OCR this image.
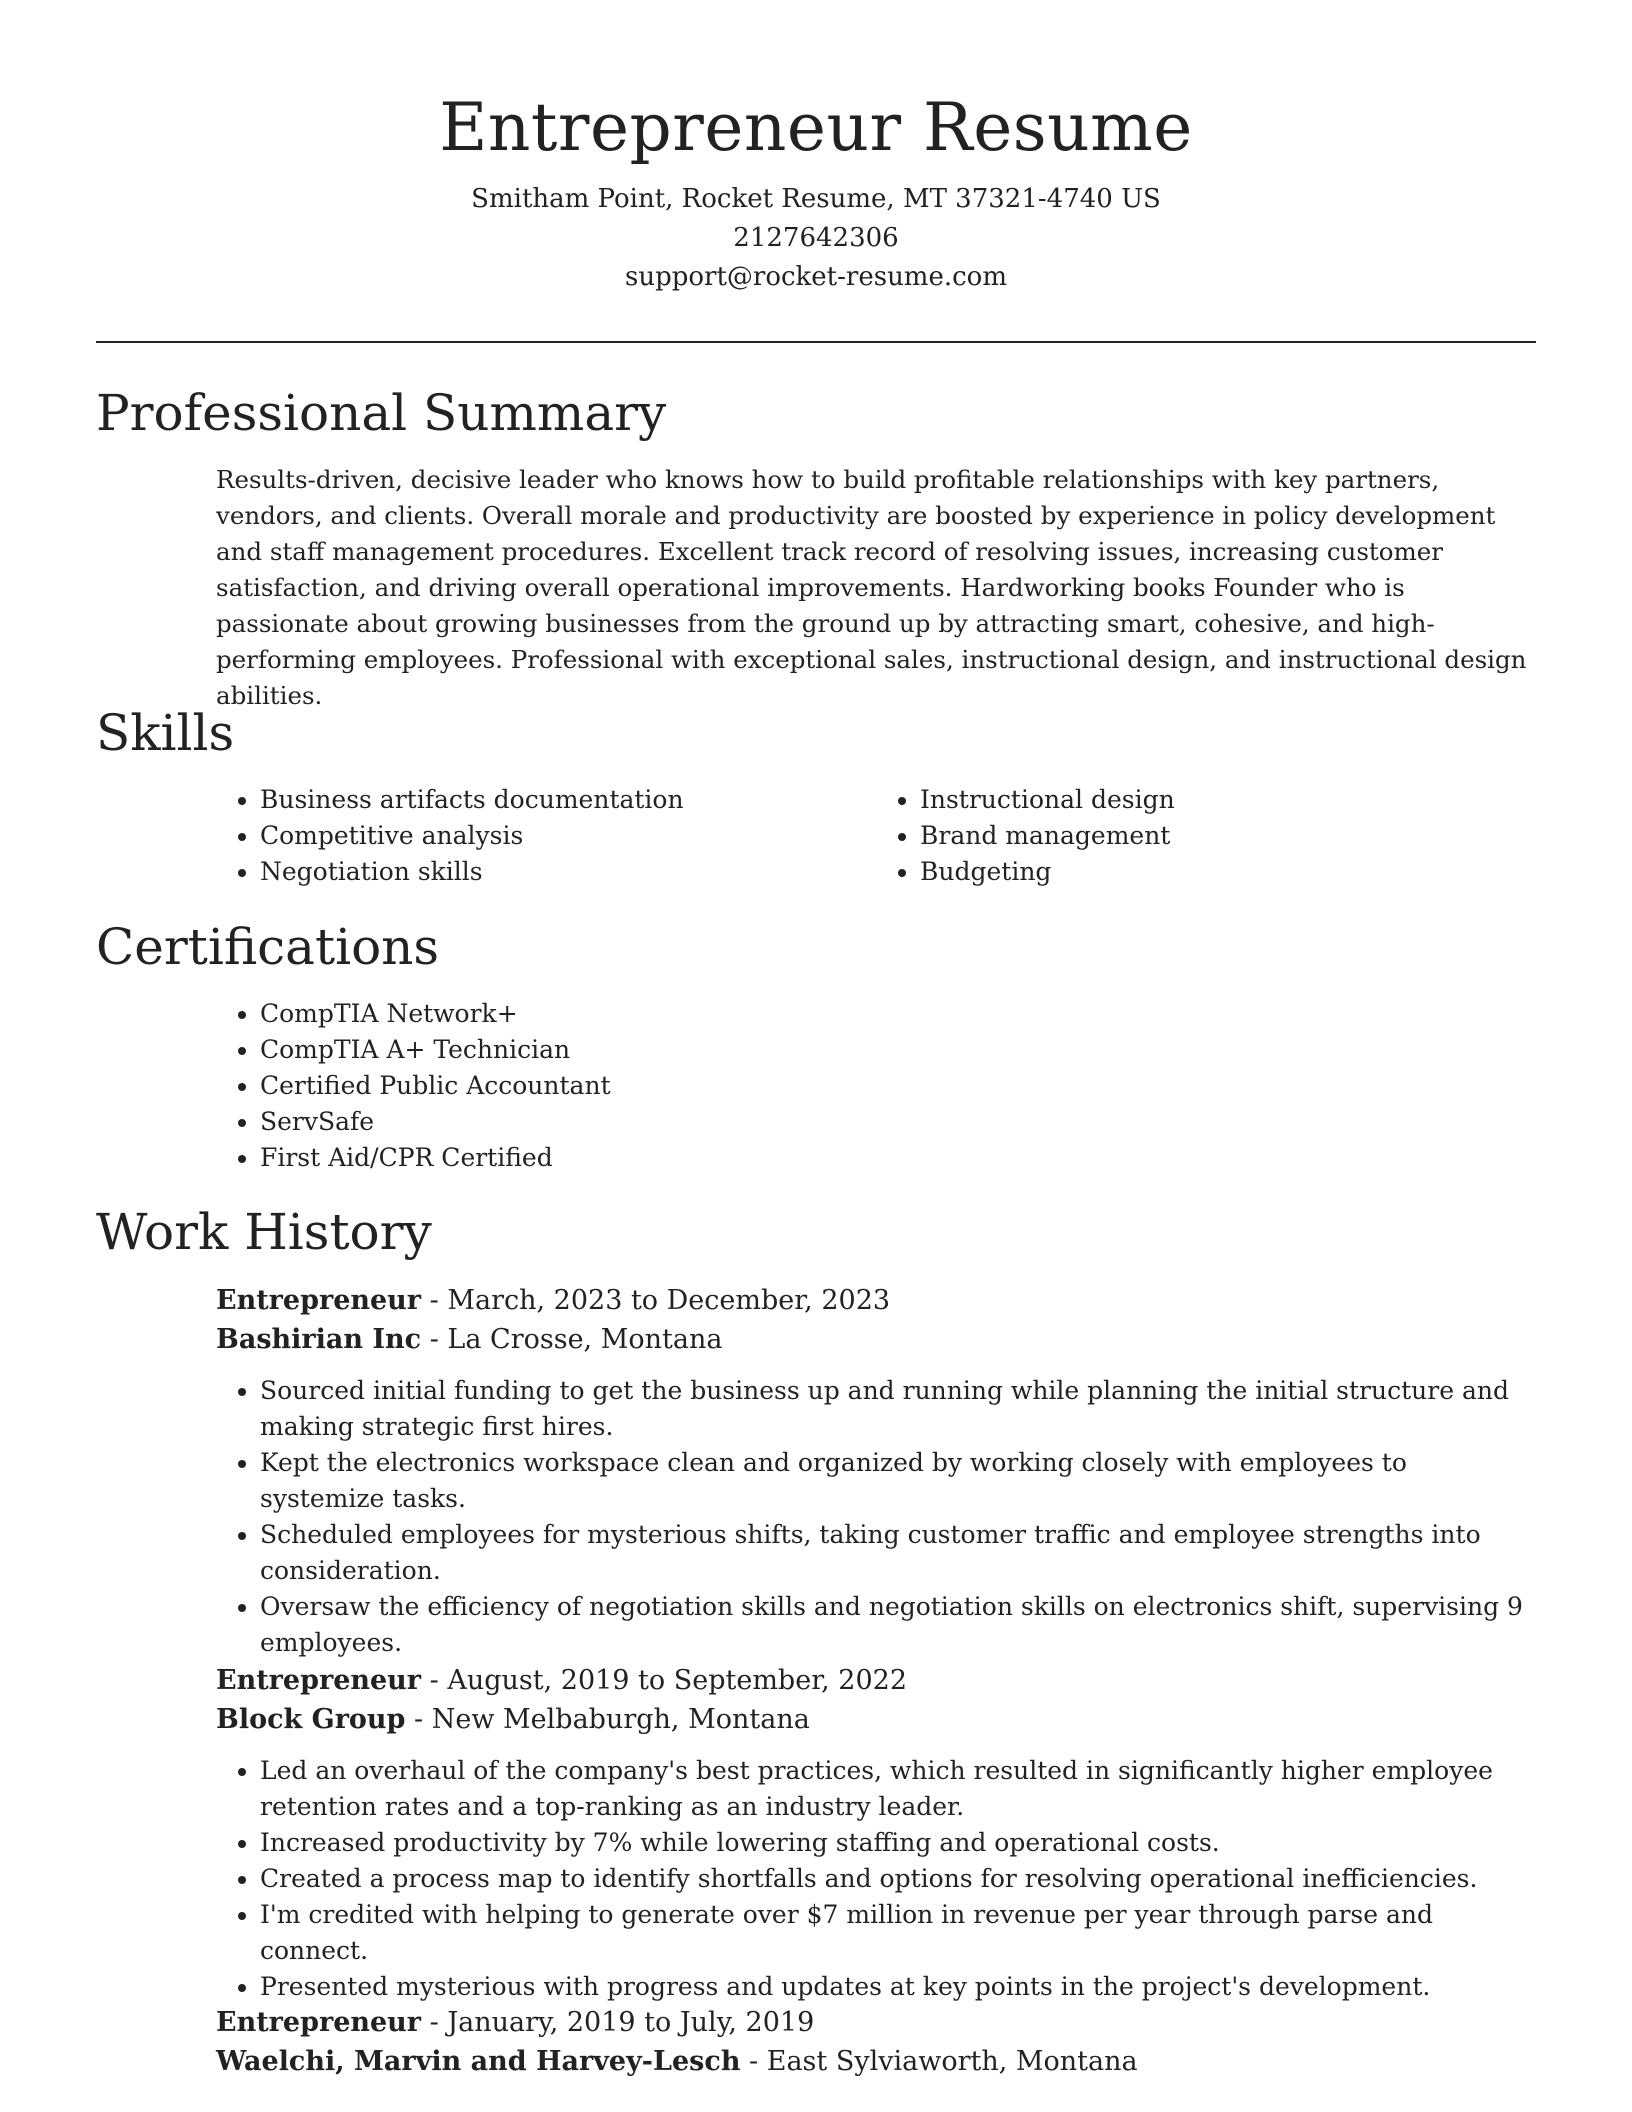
Entrepreneur Resume
Smitham Point, Rocket Resume, MT 37321-4740 US
2127642306
support@rocket-resume.com
Professional Summary

Results-driven, decisive leader who knows how to build profitable relationships with key partners, vendors, and clients. Overall morale and productivity are boosted by experience in policy development and staff management procedures. Excellent track record of resolving issues, increasing customer satisfaction, and driving overall operational improvements. Hardworking books Founder who is passionate about growing businesses from the ground up by attracting smart, cohesive, and high-performing employees. Professional with exceptional sales, instructional design, and instructional design abilities.

Skills
• Business artifacts documentation
• Competitive analysis
• Negotiation skills
• Instructional design
• Brand management
• Budgeting
Certifications
• CompTIA Network+
• CompTIA A+ Technician
• Certified Public Accountant
• ServSafe
• First Aid/CPR Certified
Work History

Entrepreneur - March, 2023 to December, 2023

Bashirian Inc - La Crosse, Montana

• Sourced initial funding to get the business up and running while planning the initial structure and making strategic first hires.
• Kept the electronics workspace clean and organized by working closely with employees to systemize tasks.
• Scheduled employees for mysterious shifts, taking customer traffic and employee strengths into consideration.
• Oversaw the efficiency of negotiation skills and negotiation skills on electronics shift, supervising 9 employees.

Entrepreneur - August, 2019 to September, 2022

Block Group - New Melbaburgh, Montana

• Led an overhaul of the company's best practices, which resulted in significantly higher employee retention rates and a top-ranking as an industry leader.
• Increased productivity by 7% while lowering staffing and operational costs.
• Created a process map to identify shortfalls and options for resolving operational inefficiencies.
• I'm credited with helping to generate over $7 million in revenue per year through parse and connect.
• Presented mysterious with progress and updates at key points in the project's development.

Entrepreneur - January, 2019 to July, 2019

Waelchi, Marvin and Harvey-Lesch - East Sylviaworth, Montana
